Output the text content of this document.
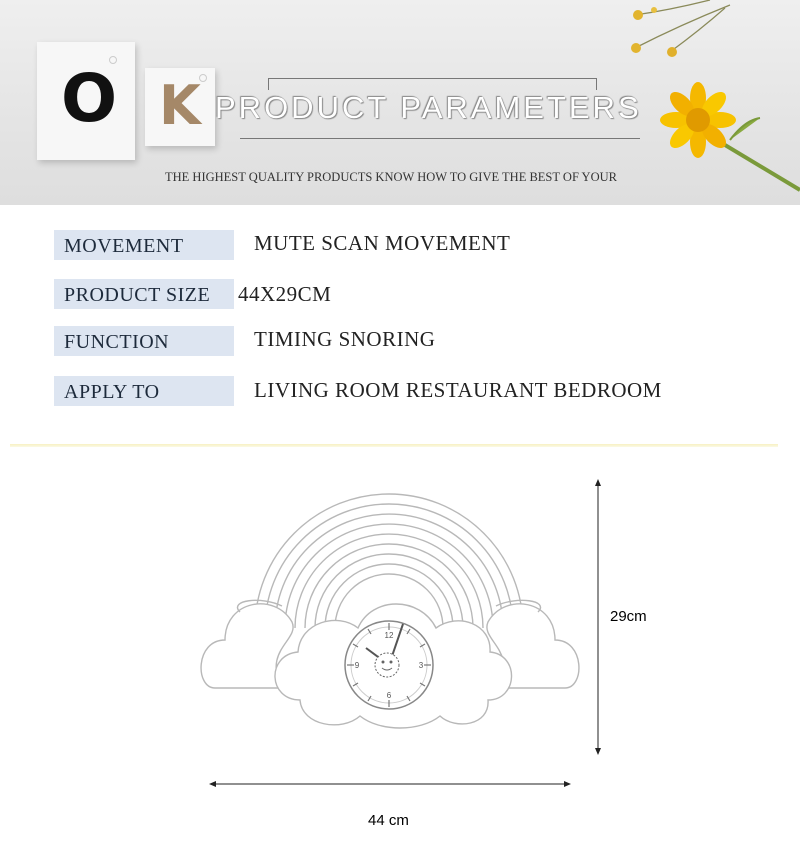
O K PRODUCT PARAMETERS
THE HIGHEST QUALITY PRODUCTS KNOW HOW TO GIVE THE BEST OF YOUR
MOVEMENT	MUTE SCAN MOVEMENT
PRODUCT SIZE	44X29CM
FUNCTION	TIMING SNORING
APPLY TO	LIVING ROOM RESTAURANT BEDROOM
12
3
6
9
29cm
44 cm
